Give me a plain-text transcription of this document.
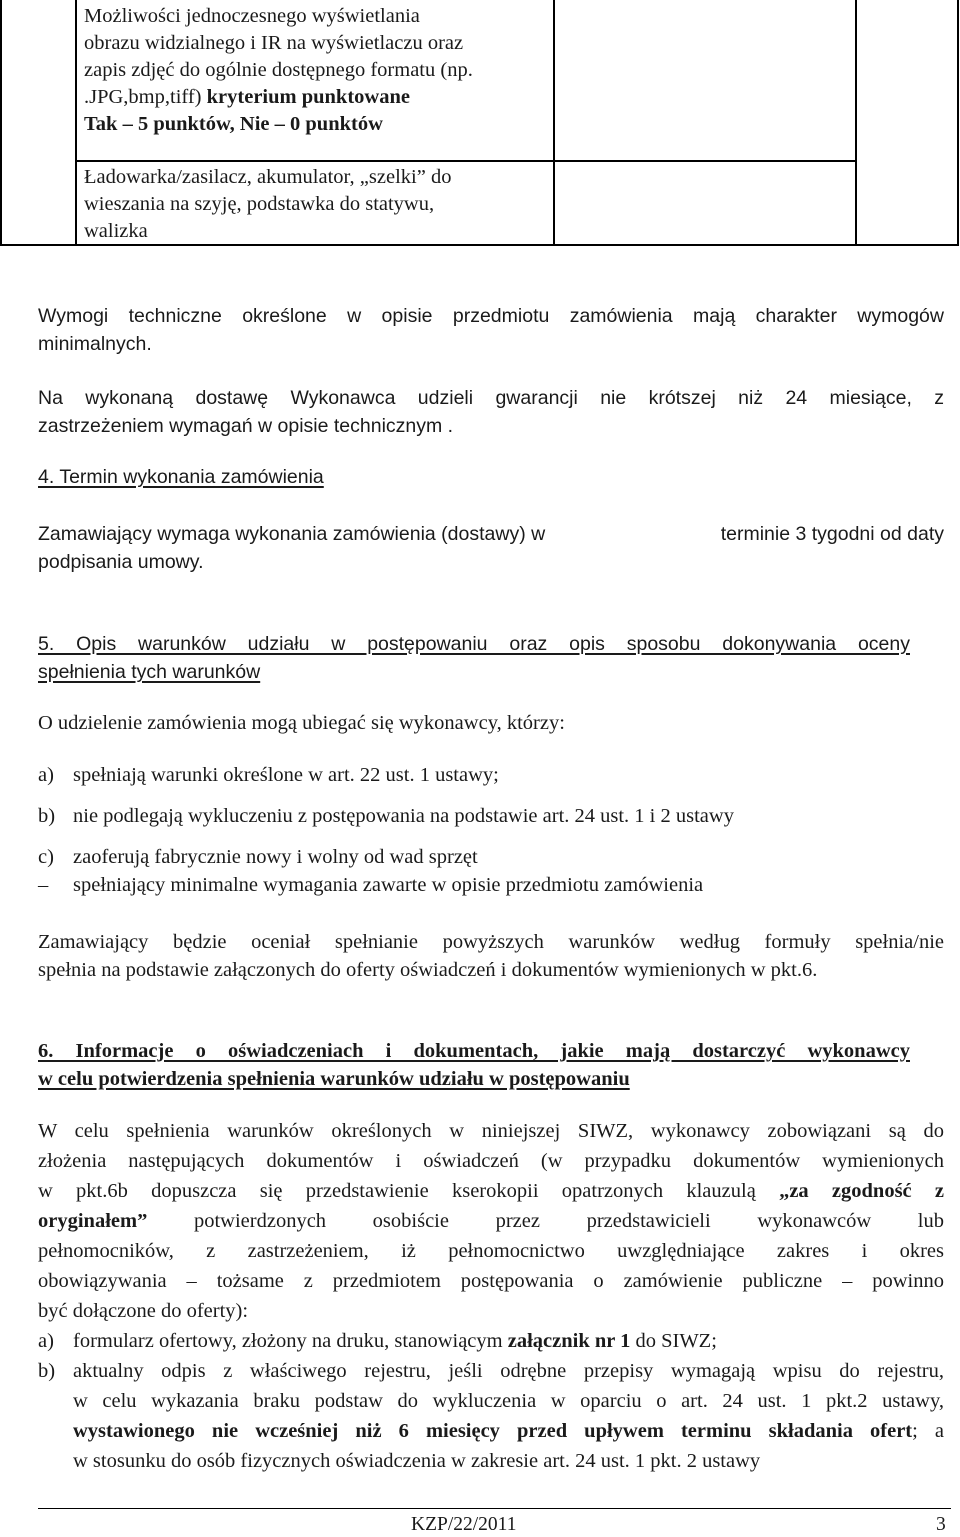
Możliwości jednoczesnego wyświetlania
obrazu widzialnego i IR na wyświetlaczu oraz
zapis zdjęć do ogólnie dostępnego formatu (np.
.JPG,bmp,tiff) kryterium punktowane
Tak – 5 punktów, Nie – 0 punktów
Ładowarka/zasilacz, akumulator, „szelki” do
wieszania na szyję, podstawka do statywu,
walizka
Wymogi techniczne określone w opisie przedmiotu zamówienia mają charakter wymogów
minimalnych.
Na wykonaną dostawę Wykonawca udzieli gwarancji nie krótszej niż 24 miesiące, z
zastrzeżeniem wymagań w opisie technicznym .
4. Termin wykonania zamówienia
Zamawiający wymaga wykonania zamówienia (dostawy) w	terminie 3 tygodni od daty
podpisania umowy.
5. Opis warunków udziału w postępowaniu oraz opis sposobu dokonywania oceny
spełnienia tych warunków
O udzielenie zamówienia mogą ubiegać się wykonawcy, którzy:
a) spełniają warunki określone w art. 22 ust. 1 ustawy;
b) nie podlegają wykluczeniu z postępowania na podstawie art. 24 ust. 1 i 2 ustawy
c) zaoferują fabrycznie nowy i wolny od wad sprzęt
– spełniający minimalne wymagania zawarte w opisie przedmiotu zamówienia
Zamawiający będzie oceniał spełnianie powyższych warunków według formuły spełnia/nie
spełnia na podstawie załączonych do oferty oświadczeń i dokumentów wymienionych w pkt.6.
6. Informacje o oświadczeniach i dokumentach, jakie mają dostarczyć wykonawcy
w celu potwierdzenia spełnienia warunków udziału w postępowaniu
W celu spełnienia warunków określonych w niniejszej SIWZ, wykonawcy zobowiązani są do
złożenia następujących dokumentów i oświadczeń (w przypadku dokumentów wymienionych
w pkt.6b dopuszcza się przedstawienie kserokopii opatrzonych klauzulą „za zgodność z
oryginałem” potwierdzonych osobiście przez przedstawicieli wykonawców lub
pełnomocników, z zastrzeżeniem, iż pełnomocnictwo uwzględniające zakres i okres
obowiązywania – tożsame z przedmiotem postępowania o zamówienie publiczne – powinno
być dołączone do oferty):
a) formularz ofertowy, złożony na druku, stanowiącym załącznik nr 1 do SIWZ;
b) aktualny odpis z właściwego rejestru, jeśli odrębne przepisy wymagają wpisu do rejestru,
w celu wykazania braku podstaw do wykluczenia w oparciu o art. 24 ust. 1 pkt.2 ustawy,
wystawionego nie wcześniej niż 6 miesięcy przed upływem terminu składania ofert; a
w stosunku do osób fizycznych oświadczenia w zakresie art. 24 ust. 1 pkt. 2 ustawy
KZP/22/2011	3
